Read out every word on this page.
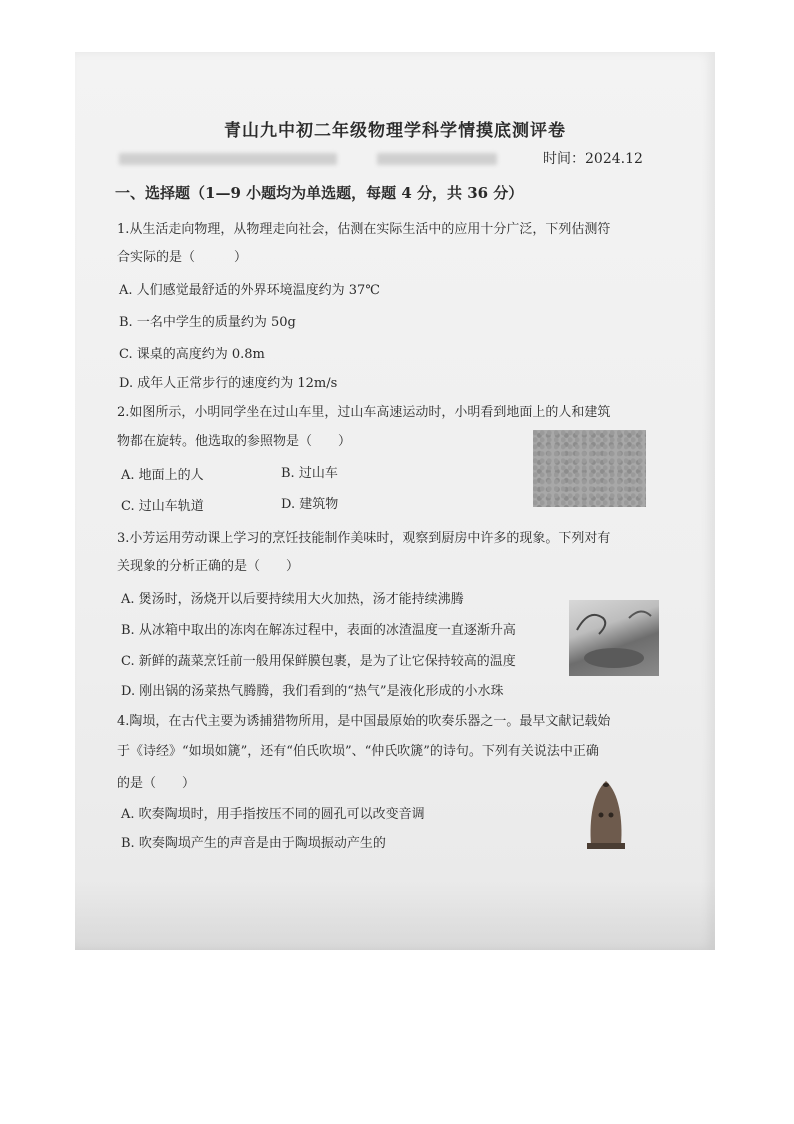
青山九中初二年级物理学科学情摸底测评卷
时间：2024.12
一、选择题（1—9 小题均为单选题，每题 4 分，共 36 分）
1.从生活走向物理，从物理走向社会，估测在实际生活中的应用十分广泛，下列估测符
合实际的是（　　　）
A. 人们感觉最舒适的外界环境温度约为 37℃
B. 一名中学生的质量约为 50g
C. 课桌的高度约为 0.8m
D. 成年人正常步行的速度约为 12m/s
2.如图所示，小明同学坐在过山车里，过山车高速运动时，小明看到地面上的人和建筑
物都在旋转。他选取的参照物是（　　）
A. 地面上的人	B. 过山车
C. 过山车轨道	D. 建筑物
3.小芳运用劳动课上学习的烹饪技能制作美味时，观察到厨房中许多的现象。下列对有
关现象的分析正确的是（　　）
A. 煲汤时，汤烧开以后要持续用大火加热，汤才能持续沸腾
B. 从冰箱中取出的冻肉在解冻过程中，表面的冰渣温度一直逐渐升高
C. 新鲜的蔬菜烹饪前一般用保鲜膜包裹，是为了让它保持较高的温度
D. 刚出锅的汤菜热气腾腾，我们看到的“热气”是液化形成的小水珠
4.陶埙，在古代主要为诱捕猎物所用，是中国最原始的吹奏乐器之一。最早文献记载始
于《诗经》“如埙如篪”，还有“伯氏吹埙”、“仲氏吹篪”的诗句。下列有关说法中正确
的是（　　）
A. 吹奏陶埙时，用手指按压不同的圆孔可以改变音调
B. 吹奏陶埙产生的声音是由于陶埙振动产生的
